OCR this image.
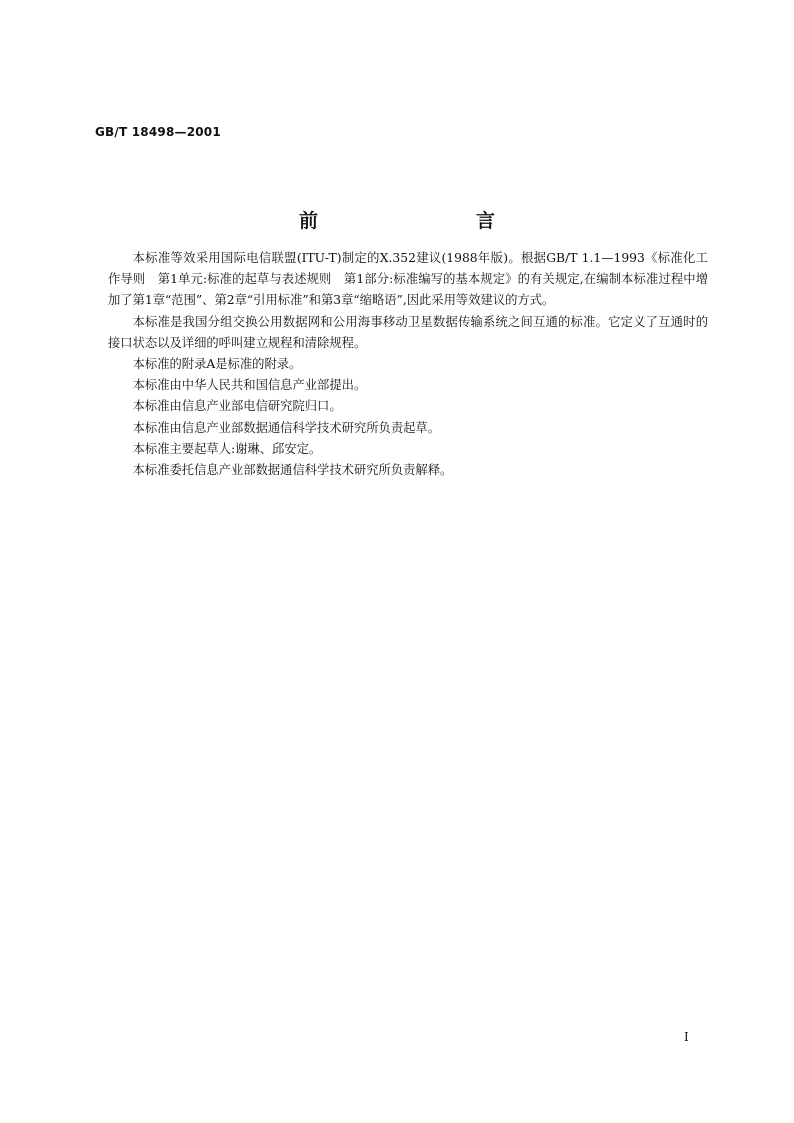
GB/T 18498—2001
前　　言

本标准等效采用国际电信联盟(ITU-T)制定的X.352建议(1988年版)。根据GB/T 1.1—1993《标准化工作导则　第1单元:标准的起草与表述规则　第1部分:标准编写的基本规定》的有关规定,在编制本标准过程中增加了第1章“范围”、第2章“引用标准”和第3章“缩略语”,因此采用等效建议的方式。

本标准是我国分组交换公用数据网和公用海事移动卫星数据传输系统之间互通的标准。它定义了互通时的接口状态以及详细的呼叫建立规程和清除规程。

本标准的附录A是标准的附录。

本标准由中华人民共和国信息产业部提出。

本标准由信息产业部电信研究院归口。

本标准由信息产业部数据通信科学技术研究所负责起草。

本标准主要起草人:谢琳、邱安定。

本标准委托信息产业部数据通信科学技术研究所负责解释。

I
